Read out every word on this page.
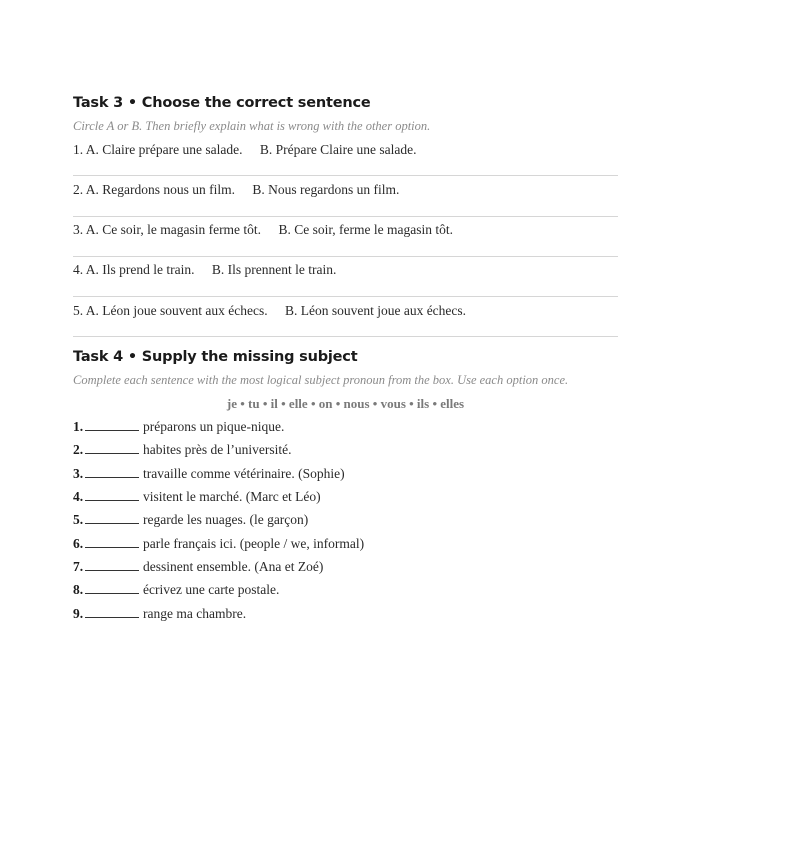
Task 3 • Choose the correct sentence

Circle A or B. Then briefly explain what is wrong with the other option.

1. A. Claire prépare une salade. B. Prépare Claire une salade.
2. A. Regardons nous un film. B. Nous regardons un film.
3. A. Ce soir, le magasin ferme tôt. B. Ce soir, ferme le magasin tôt.
4. A. Ils prend le train. B. Ils prennent le train.
5. A. Léon joue souvent aux échecs. B. Léon souvent joue aux échecs.
Task 4 • Supply the missing subject

Complete each sentence with the most logical subject pronoun from the box. Use each option once.

je • tu • il • elle • on • nous • vous • ils • elles
1.	préparons un pique-nique.
2.	habites près de l’université.
3.	travaille comme vétérinaire. (Sophie)
4.	visitent le marché. (Marc et Léo)
5.	regarde les nuages. (le garçon)
6.	parle français ici. (people / we, informal)
7.	dessinent ensemble. (Ana et Zoé)
8.	écrivez une carte postale.
9.	range ma chambre.
